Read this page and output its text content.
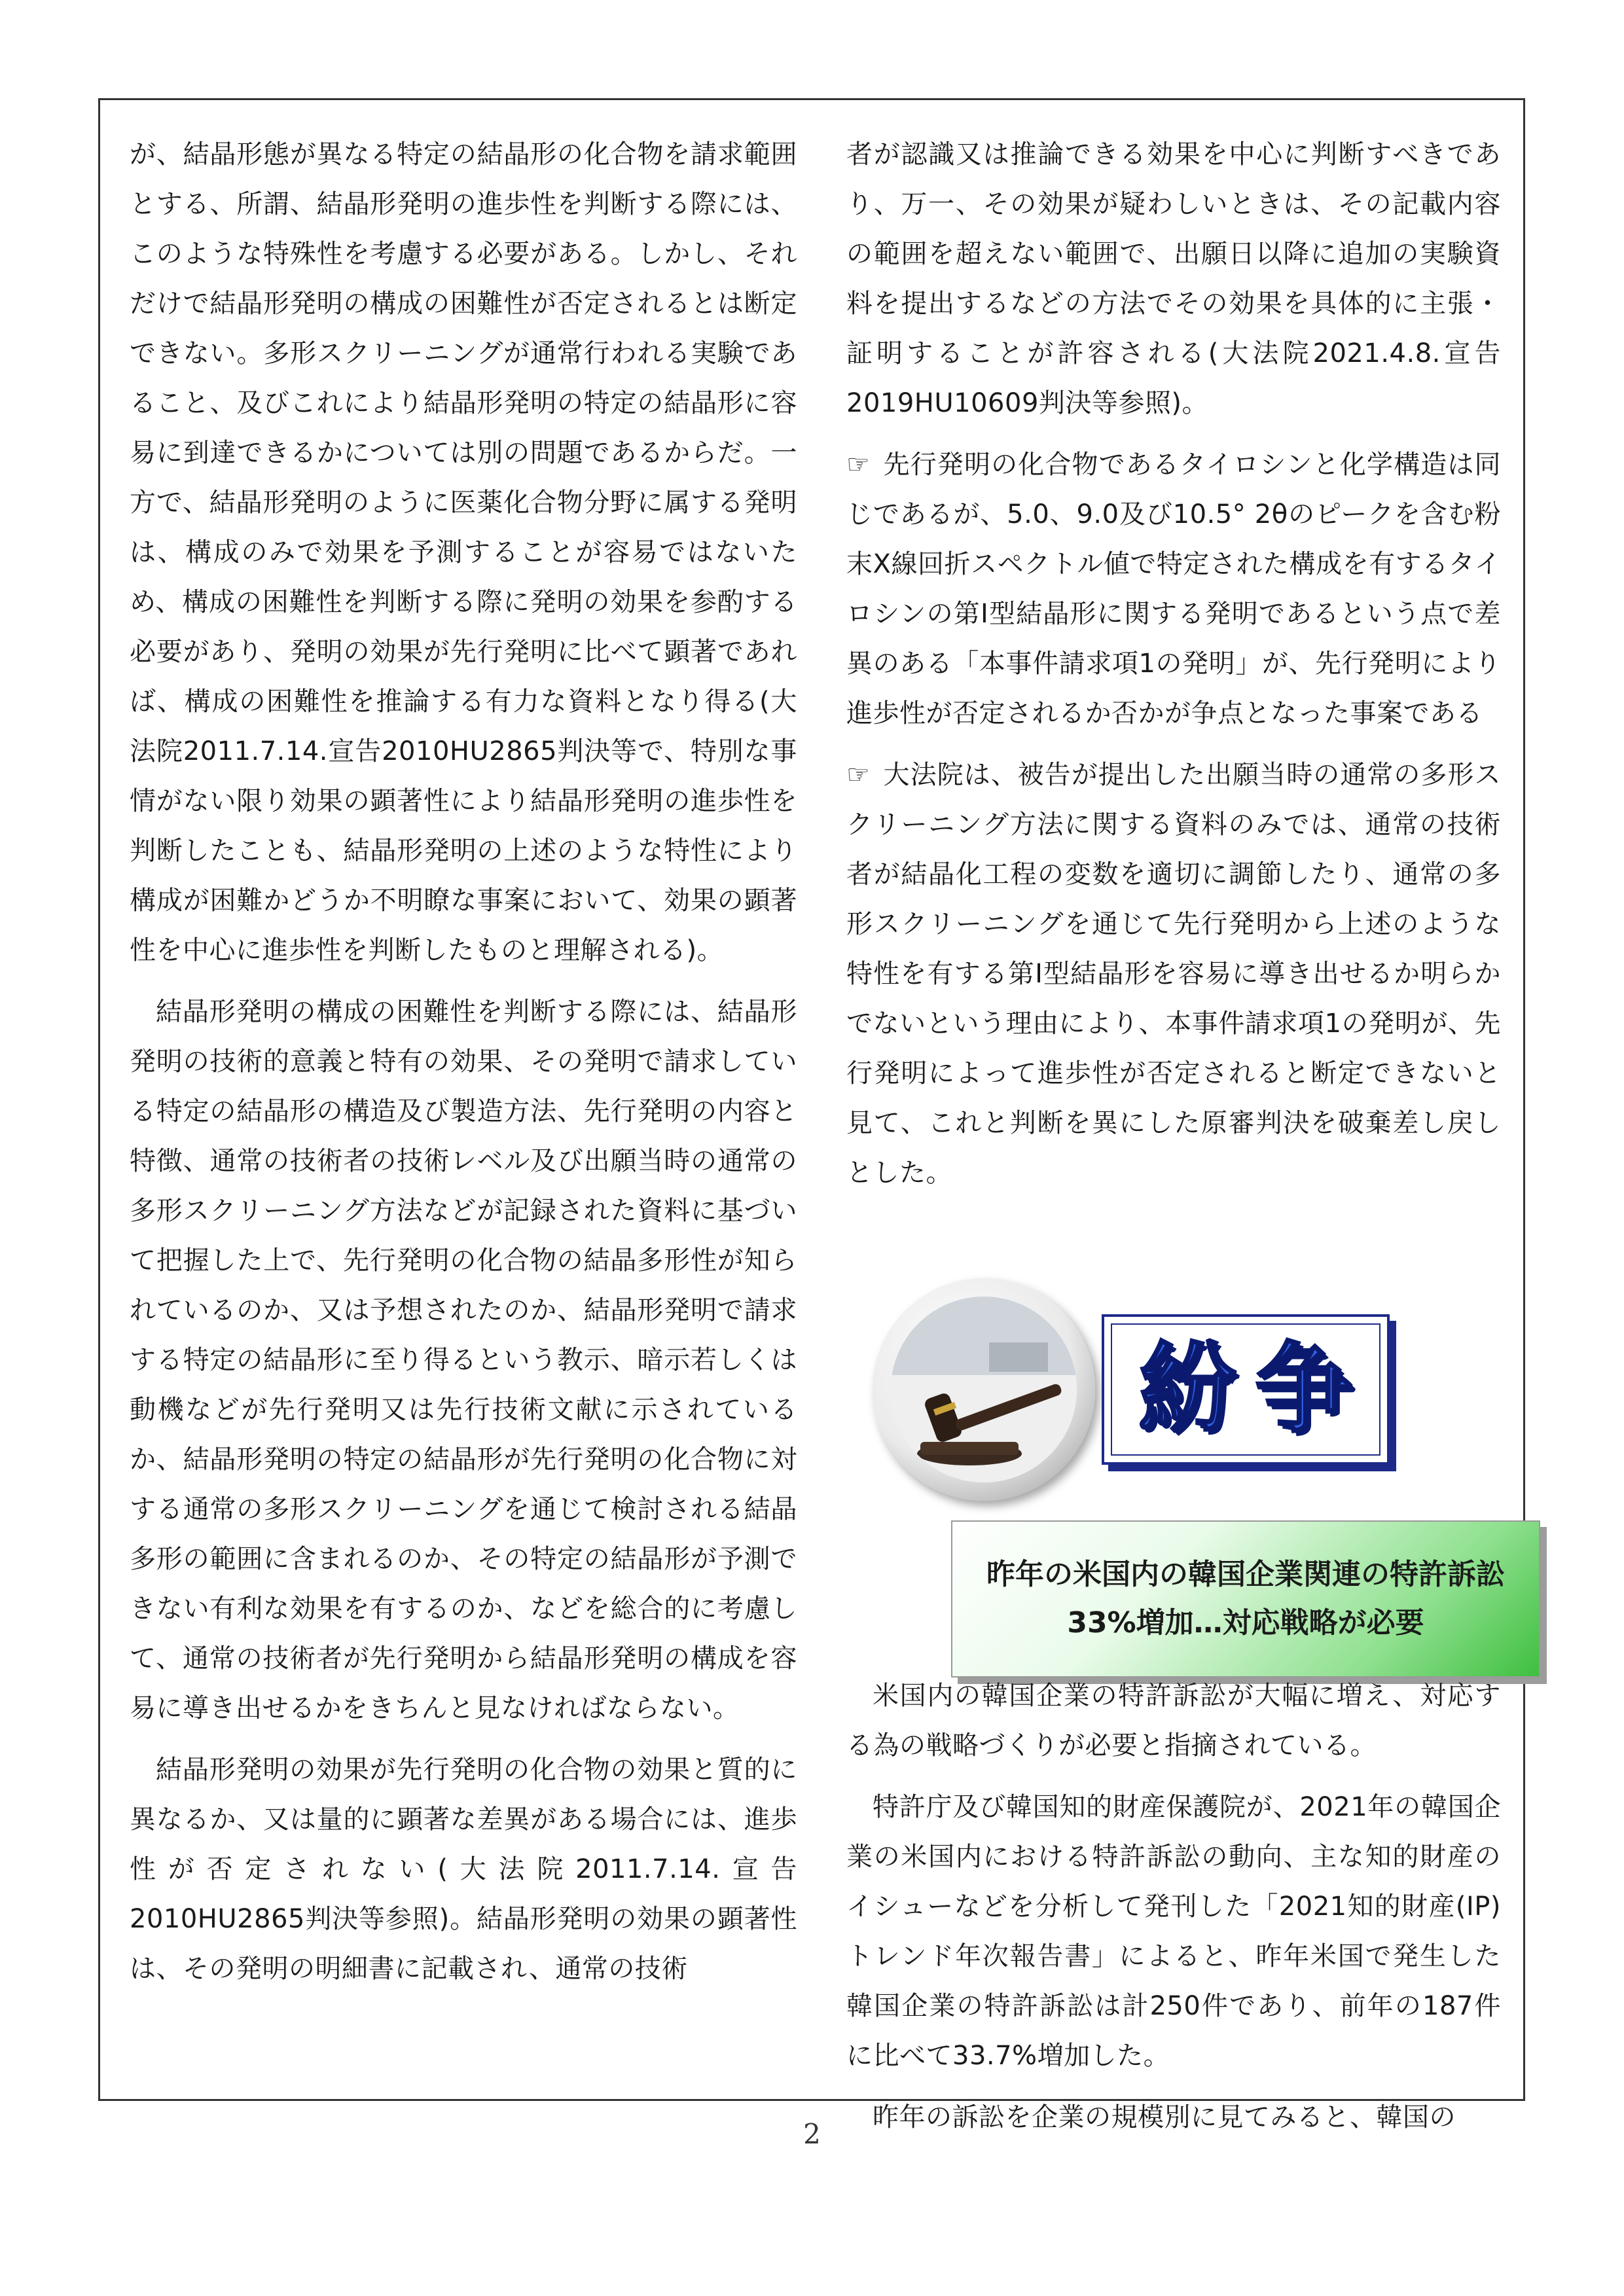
が、結晶形態が異なる特定の結晶形の化合物を請求範囲とする、所謂、結晶形発明の進歩性を判断する際には、このような特殊性を考慮する必要がある。しかし、それだけで結晶形発明の構成の困難性が否定されるとは断定できない。多形スクリーニングが通常行われる実験であること、及びこれにより結晶形発明の特定の結晶形に容易に到達できるかについては別の問題であるからだ。一方で、結晶形発明のように医薬化合物分野に属する発明は、構成のみで効果を予測することが容易ではないため、構成の困難性を判断する際に発明の効果を参酌する必要があり、発明の効果が先行発明に比べて顕著であれば、構成の困難性を推論する有力な資料となり得る(大法院2011.7.14.宣告2010HU2865判決等で、特別な事情がない限り効果の顕著性により結晶形発明の進歩性を判断したことも、結晶形発明の上述のような特性により構成が困難かどうか不明瞭な事案において、効果の顕著性を中心に進歩性を判断したものと理解される)。

結晶形発明の構成の困難性を判断する際には、結晶形発明の技術的意義と特有の効果、その発明で請求している特定の結晶形の構造及び製造方法、先行発明の内容と特徴、通常の技術者の技術レベル及び出願当時の通常の多形スクリーニング方法などが記録された資料に基づいて把握した上で、先行発明の化合物の結晶多形性が知られているのか、又は予想されたのか、結晶形発明で請求する特定の結晶形に至り得るという教示、暗示若しくは動機などが先行発明又は先行技術文献に示されているか、結晶形発明の特定の結晶形が先行発明の化合物に対する通常の多形スクリーニングを通じて検討される結晶多形の範囲に含まれるのか、その特定の結晶形が予測できない有利な効果を有するのか、などを総合的に考慮して、通常の技術者が先行発明から結晶形発明の構成を容易に導き出せるかをきちんと見なければならない。

結晶形発明の効果が先行発明の化合物の効果と質的に異なるか、又は量的に顕著な差異がある場合には、進歩性が否定されない(大法院2011.7.14.宣告2010HU2865判決等参照)。結晶形発明の効果の顕著性は、その発明の明細書に記載され、通常の技術

者が認識又は推論できる効果を中心に判断すべきであり、万一、その効果が疑わしいときは、その記載内容の範囲を超えない範囲で、出願日以降に追加の実験資料を提出するなどの方法でその効果を具体的に主張・証明することが許容される(大法院2021.4.8.宣告2019HU10609判決等参照)。

☞ 先行発明の化合物であるタイロシンと化学構造は同じであるが、5.0、9.0及び10.5° 2θのピークを含む粉末X線回折スペクトル値で特定された構成を有するタイロシンの第Ⅰ型結晶形に関する発明であるという点で差異のある「本事件請求項1の発明」が、先行発明により進歩性が否定されるか否かが争点となった事案である

☞ 大法院は、被告が提出した出願当時の通常の多形スクリーニング方法に関する資料のみでは、通常の技術者が結晶化工程の変数を適切に調節したり、通常の多形スクリーニングを通じて先行発明から上述のような特性を有する第Ⅰ型結晶形を容易に導き出せるか明らかでないという理由により、本事件請求項1の発明が、先行発明によって進歩性が否定されると断定できないと見て、これと判断を異にした原審判決を破棄差し戻しとした。

紛 争
昨年の米国内の韓国企業関連の特許訴訟
33%増加…対応戦略が必要

米国内の韓国企業の特許訴訟が大幅に増え、対応する為の戦略づくりが必要と指摘されている。

特許庁及び韓国知的財産保護院が、2021年の韓国企業の米国内における特許訴訟の動向、主な知的財産のイシューなどを分析して発刊した「2021知的財産(IP)トレンド年次報告書」によると、昨年米国で発生した韓国企業の特許訴訟は計250件であり、前年の187件に比べて33.7%増加した。

昨年の訴訟を企業の規模別に見てみると、韓国の

2
